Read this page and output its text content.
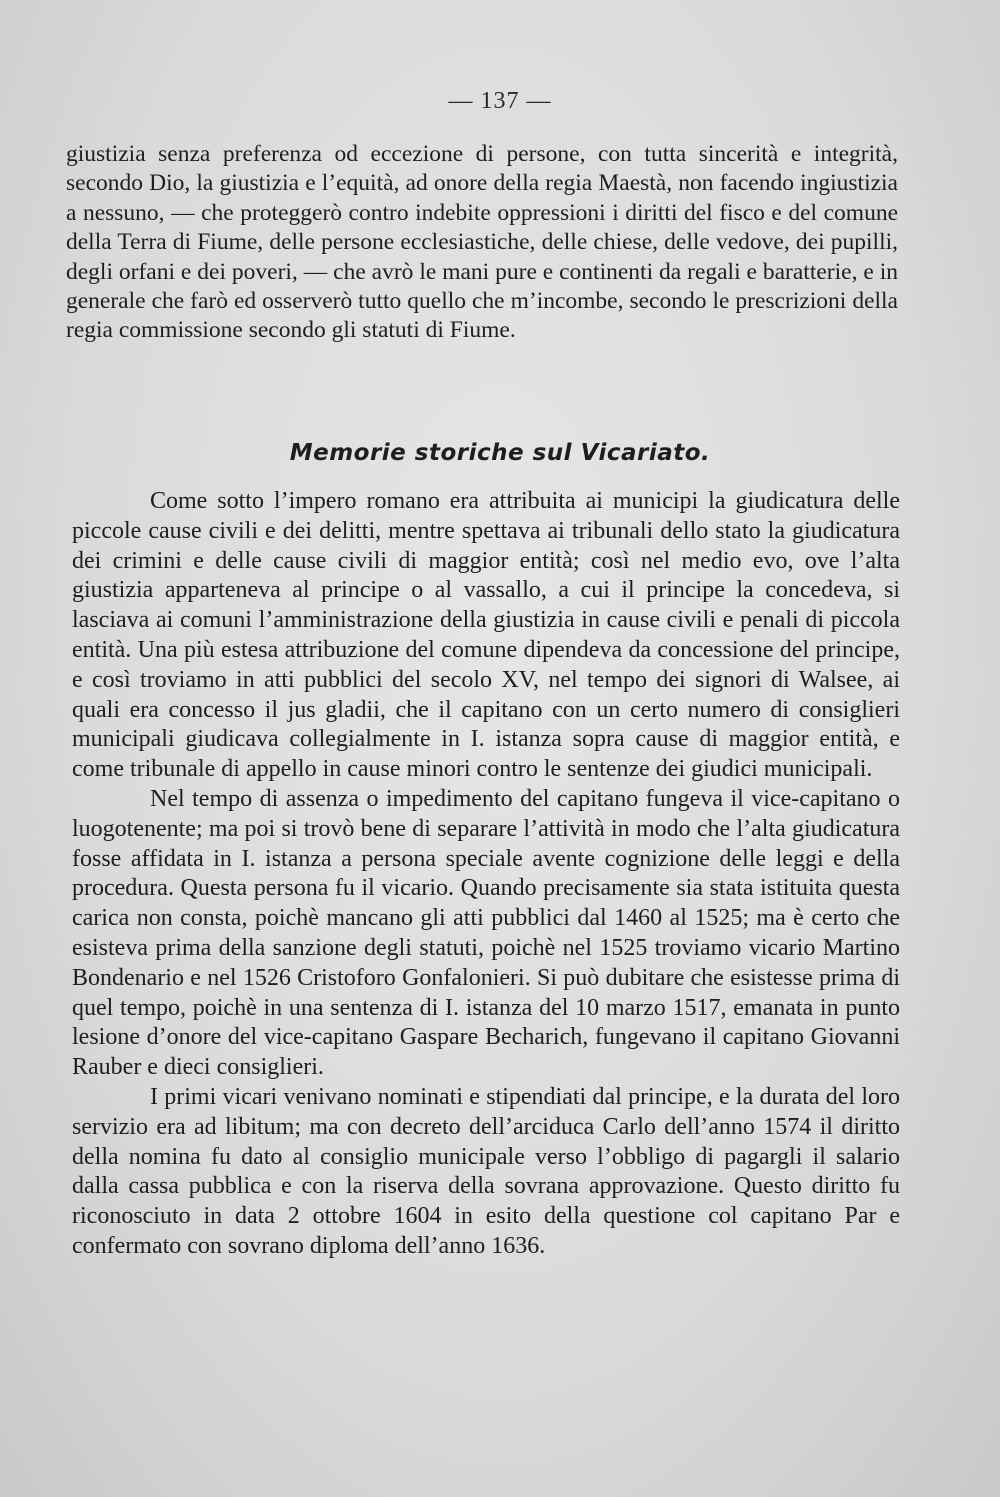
— 137 —

giustizia senza preferenza od eccezione di persone, con tutta sincerità e integrità, secondo Dio, la giustizia e l’equità, ad onore della regia Maestà, non facendo ingiustizia a nessuno, — che proteggerò contro indebite oppressioni i diritti del fisco e del comune della Terra di Fiume, delle persone ecclesiastiche, delle chiese, delle vedove, dei pupilli, degli orfani e dei poveri, — che avrò le mani pure e continenti da regali e baratterie, e in generale che farò ed osserverò tutto quello che m’incombe, secondo le prescrizioni della regia commissione secondo gli statuti di Fiume.

Memorie storiche sul Vicariato.

Come sotto l’impero romano era attribuita ai municipi la giudicatura delle piccole cause civili e dei delitti, mentre spettava ai tribunali dello stato la giudicatura dei crimini e delle cause civili di maggior entità; così nel medio evo, ove l’alta giustizia apparteneva al principe o al vassallo, a cui il principe la concedeva, si lasciava ai comuni l’amministrazione della giustizia in cause civili e penali di piccola entità. Una più estesa attribuzione del comune dipendeva da concessione del principe, e così troviamo in atti pubblici del secolo XV, nel tempo dei signori di Walsee, ai quali era concesso il jus gladii, che il capitano con un certo numero di consiglieri municipali giudicava collegialmente in I. istanza sopra cause di maggior entità, e come tribunale di appello in cause minori contro le sentenze dei giudici municipali.

Nel tempo di assenza o impedimento del capitano fungeva il vice-capitano o luogotenente; ma poi si trovò bene di separare l’attività in modo che l’alta giudicatura fosse affidata in I. istanza a persona speciale avente cognizione delle leggi e della procedura. Questa persona fu il vicario. Quando precisamente sia stata istituita questa carica non consta, poichè mancano gli atti pubblici dal 1460 al 1525; ma è certo che esisteva prima della sanzione degli statuti, poichè nel 1525 troviamo vicario Martino Bondenario e nel 1526 Cristoforo Gonfalonieri. Si può dubitare che esistesse prima di quel tempo, poichè in una sentenza di I. istanza del 10 marzo 1517, emanata in punto lesione d’onore del vice-capitano Gaspare Becharich, fungevano il capitano Giovanni Rauber e dieci consiglieri.

I primi vicari venivano nominati e stipendiati dal principe, e la durata del loro servizio era ad libitum; ma con decreto dell’arciduca Carlo dell’anno 1574 il diritto della nomina fu dato al consiglio municipale verso l’obbligo di pagargli il salario dalla cassa pubblica e con la riserva della sovrana approvazione. Questo diritto fu riconosciuto in data 2 ottobre 1604 in esito della questione col capitano Par e confermato con sovrano diploma dell’anno 1636.
